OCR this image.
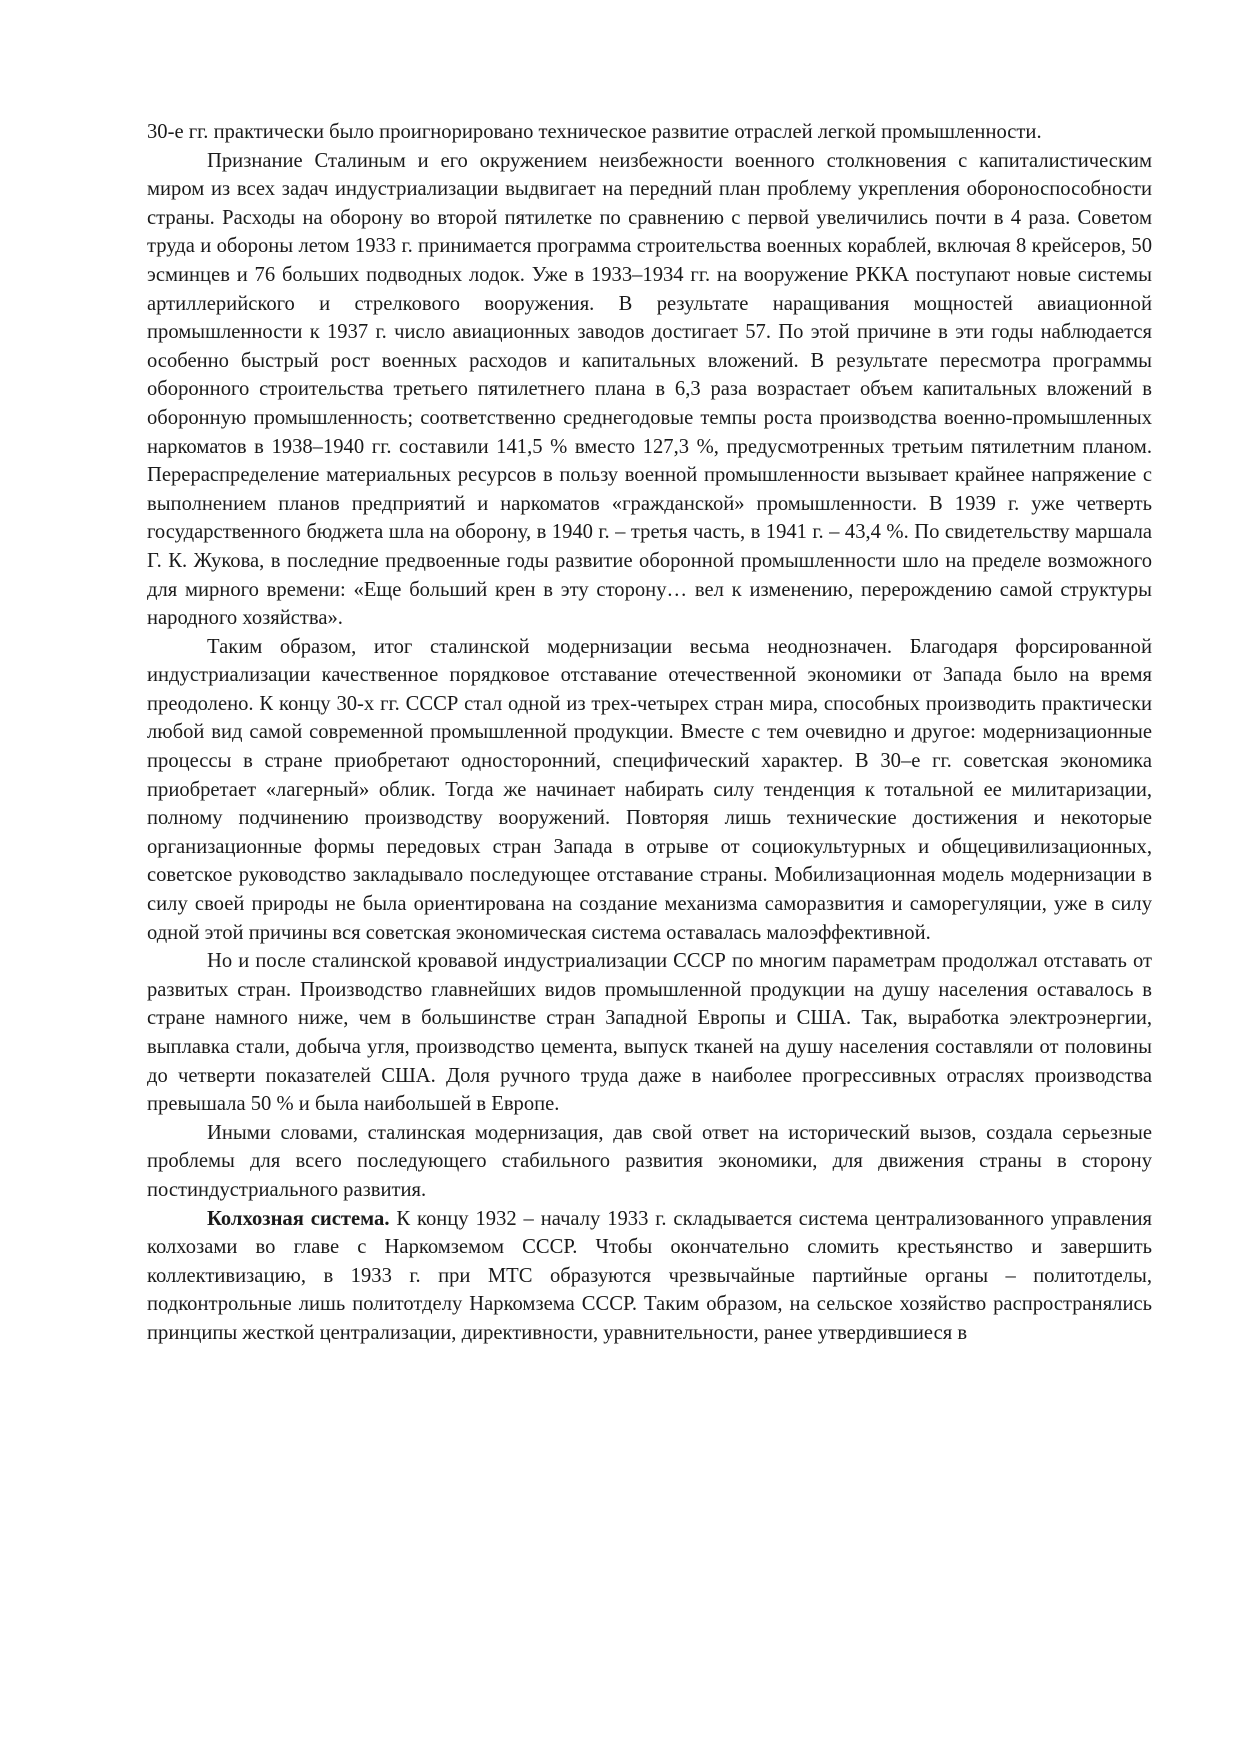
30-е гг. практически было проигнорировано техническое развитие отраслей легкой промышленности.

Признание Сталиным и его окружением неизбежности военного столкновения с капиталистическим миром из всех задач индустриализации выдвигает на передний план проблему укрепления обороноспособности страны. Расходы на оборону во второй пятилетке по сравнению с первой увеличились почти в 4 раза. Советом труда и обороны летом 1933 г. принимается программа строительства военных кораблей, включая 8 крейсеров, 50 эсминцев и 76 больших подводных лодок. Уже в 1933–1934 гг. на вооружение РККА поступают новые системы артиллерийского и стрелкового вооружения. В результате наращивания мощностей авиационной промышленности к 1937 г. число авиационных заводов достигает 57. По этой причине в эти годы наблюдается особенно быстрый рост военных расходов и капитальных вложений. В результате пересмотра программы оборонного строительства третьего пятилетнего плана в 6,3 раза возрастает объем капитальных вложений в оборонную промышленность; соответственно среднегодовые темпы роста производства военно-промышленных наркоматов в 1938–1940 гг. составили 141,5 % вместо 127,3 %, предусмотренных третьим пятилетним планом. Перераспределение материальных ресурсов в пользу военной промышленности вызывает крайнее напряжение с выполнением планов предприятий и наркоматов «гражданской» промышленности. В 1939 г. уже четверть государственного бюджета шла на оборону, в 1940 г. – третья часть, в 1941 г. – 43,4 %. По свидетельству маршала Г. К. Жукова, в последние предвоенные годы развитие оборонной промышленности шло на пределе возможного для мирного времени: «Еще больший крен в эту сторону… вел к изменению, перерождению самой структуры народного хозяйства».

Таким образом, итог сталинской модернизации весьма неоднозначен. Благодаря форсированной индустриализации качественное порядковое отставание отечественной экономики от Запада было на время преодолено. К концу 30-х гг. СССР стал одной из трех-четырех стран мира, способных производить практически любой вид самой современной промышленной продукции. Вместе с тем очевидно и другое: модернизационные процессы в стране приобретают односторонний, специфический характер. В 30–е гг. советская экономика приобретает «лагерный» облик. Тогда же начинает набирать силу тенденция к тотальной ее милитаризации, полному подчинению производству вооружений. Повторяя лишь технические достижения и некоторые организационные формы передовых стран Запада в отрыве от социокультурных и общецивилизационных, советское руководство закладывало последующее отставание страны. Мобилизационная модель модернизации в силу своей природы не была ориентирована на создание механизма саморазвития и саморегуляции, уже в силу одной этой причины вся советская экономическая система оставалась малоэффективной.

Но и после сталинской кровавой индустриализации СССР по многим параметрам продолжал отставать от развитых стран. Производство главнейших видов промышленной продукции на душу населения оставалось в стране намного ниже, чем в большинстве стран Западной Европы и США. Так, выработка электроэнергии, выплавка стали, добыча угля, производство цемента, выпуск тканей на душу населения составляли от половины до четверти показателей США. Доля ручного труда даже в наиболее прогрессивных отраслях производства превышала 50 % и была наибольшей в Европе.

Иными словами, сталинская модернизация, дав свой ответ на исторический вызов, создала серьезные проблемы для всего последующего стабильного развития экономики, для движения страны в сторону постиндустриального развития.

Колхозная система. К концу 1932 – началу 1933 г. складывается система централизованного управления колхозами во главе с Наркомземом СССР. Чтобы окончательно сломить крестьянство и завершить коллективизацию, в 1933 г. при МТС образуются чрезвычайные партийные органы – политотделы, подконтрольные лишь политотделу Наркомзема СССР. Таким образом, на сельское хозяйство распространялись принципы жесткой централизации, директивности, уравнительности, ранее утвердившиеся в
